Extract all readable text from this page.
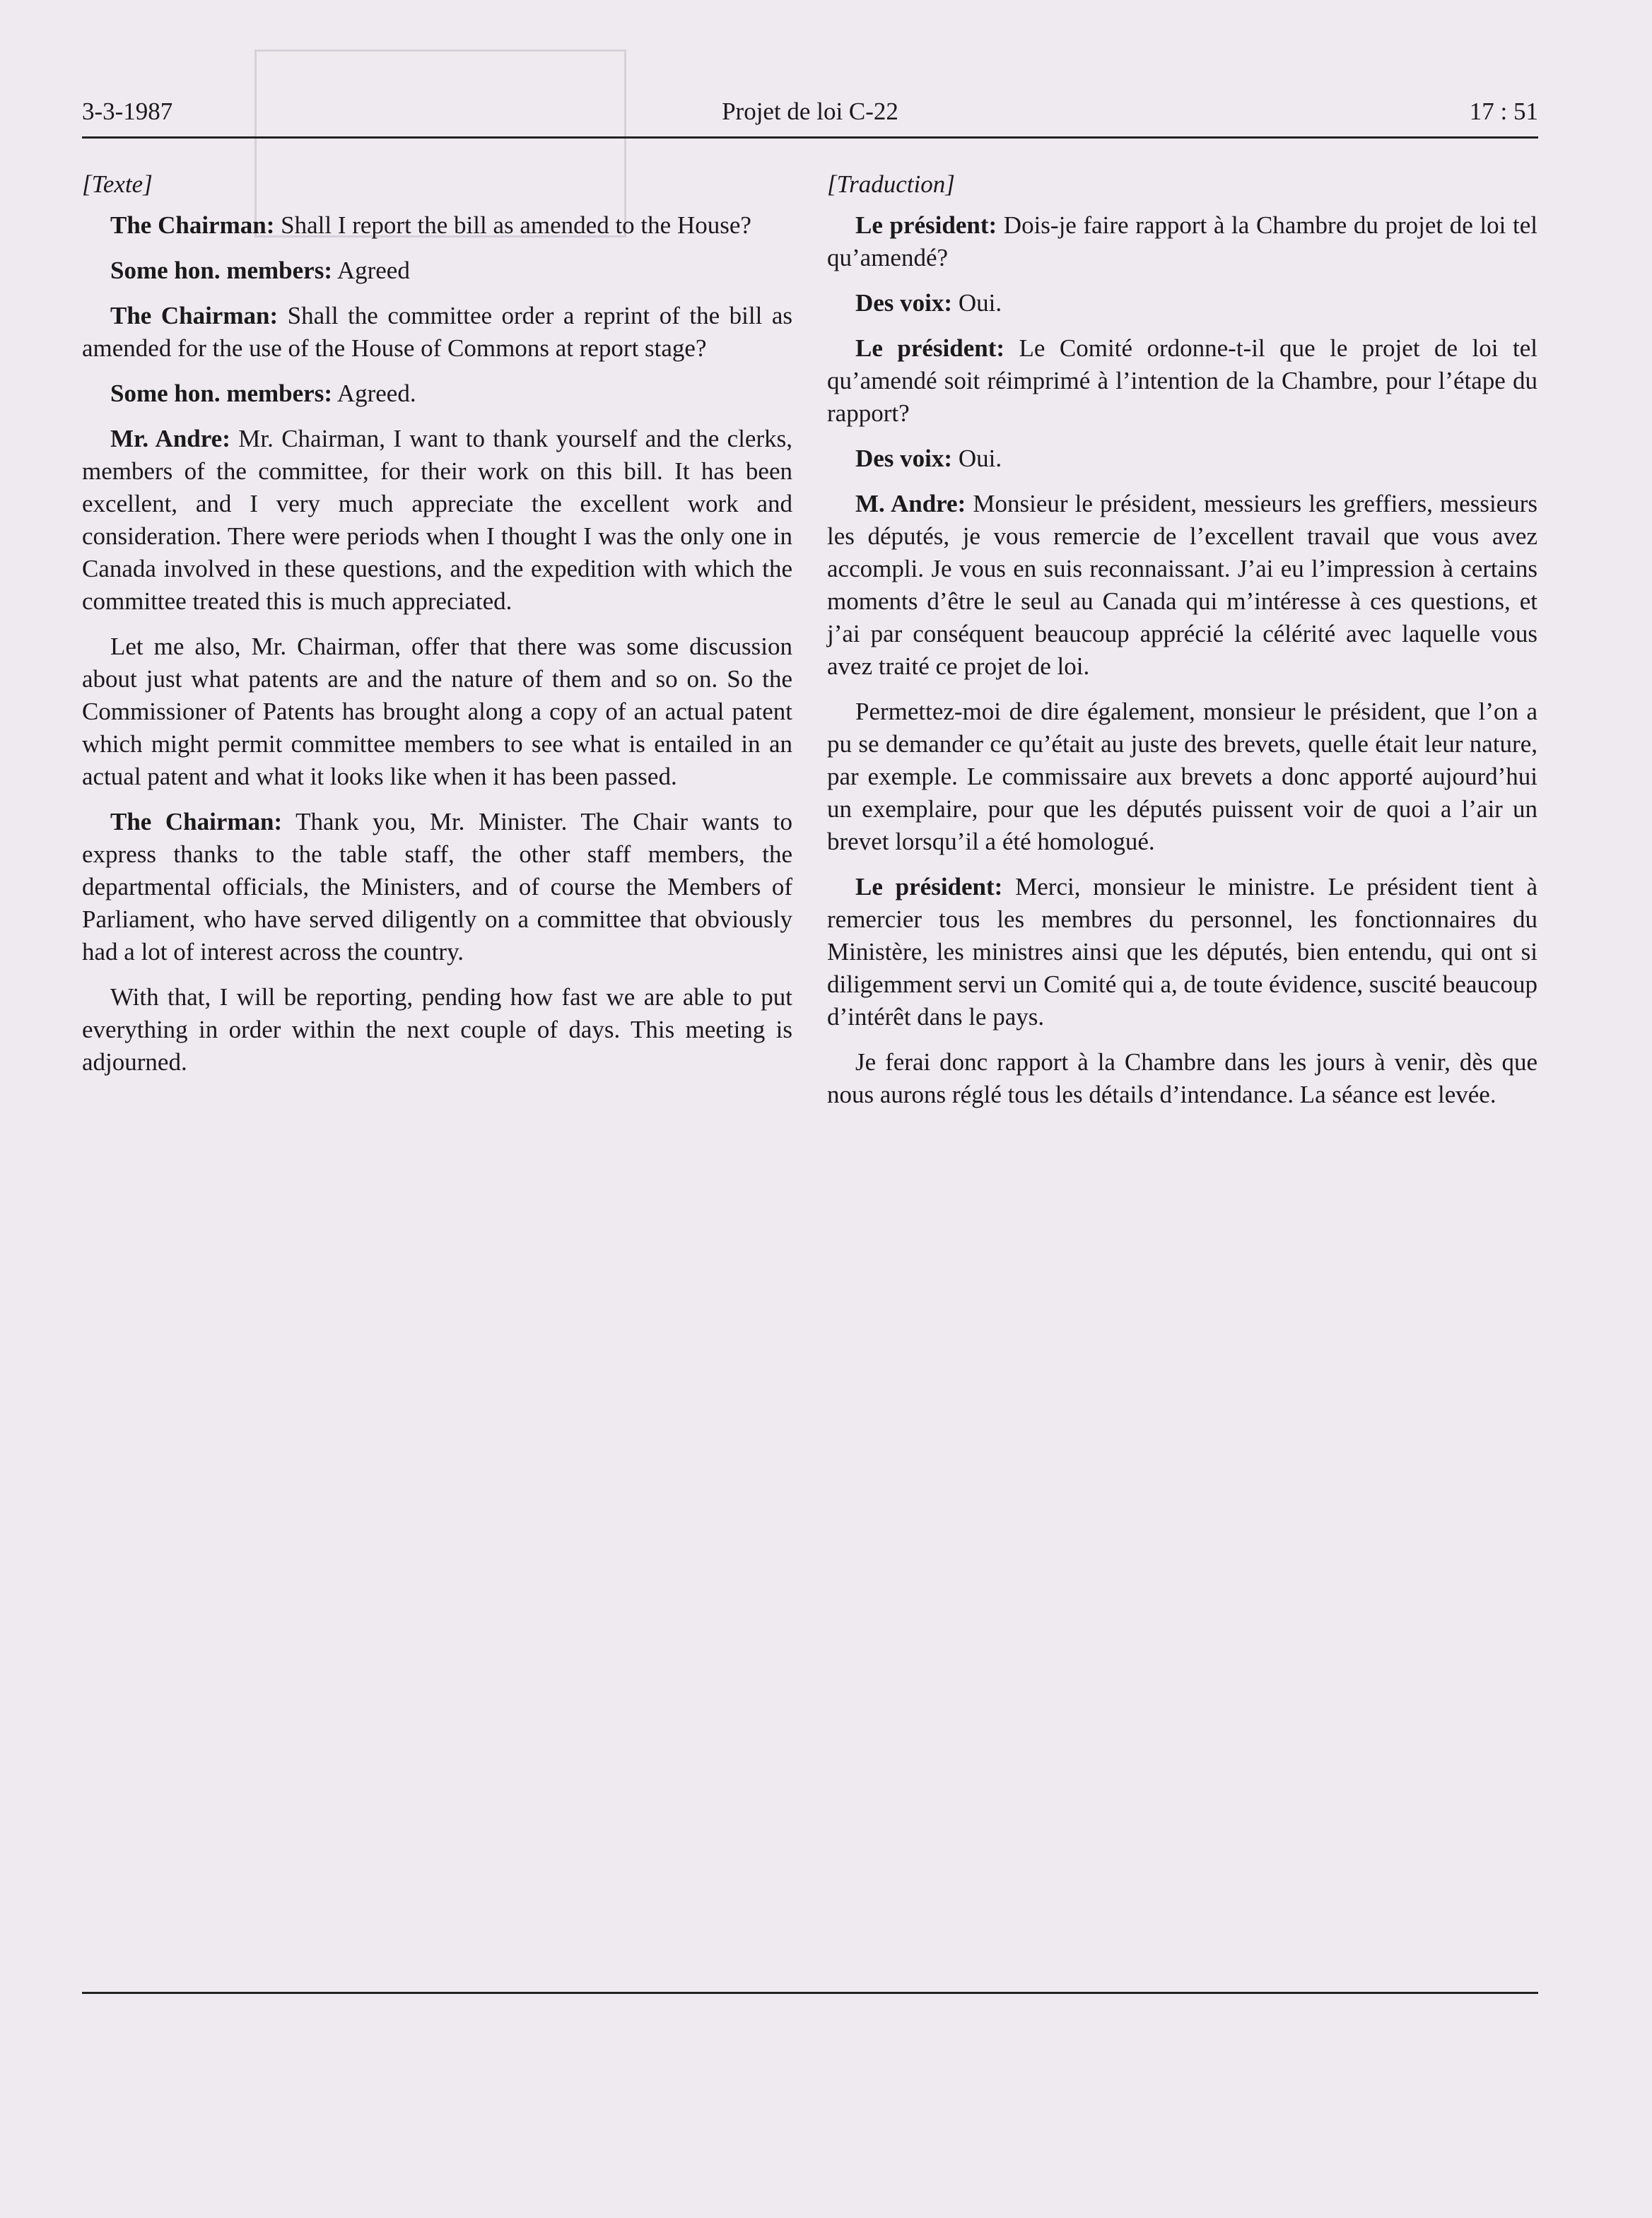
3-3-1987	Projet de loi C-22	17 : 51
[Texte]

The Chairman: Shall I report the bill as amended to the House?

Some hon. members: Agreed

The Chairman: Shall the committee order a reprint of the bill as amended for the use of the House of Commons at report stage?

Some hon. members: Agreed.

Mr. Andre: Mr. Chairman, I want to thank yourself and the clerks, members of the committee, for their work on this bill. It has been excellent, and I very much appreciate the excellent work and consideration. There were periods when I thought I was the only one in Canada involved in these questions, and the expedition with which the committee treated this is much appreciated.

Let me also, Mr. Chairman, offer that there was some discussion about just what patents are and the nature of them and so on. So the Commissioner of Patents has brought along a copy of an actual patent which might permit committee members to see what is entailed in an actual patent and what it looks like when it has been passed.

The Chairman: Thank you, Mr. Minister. The Chair wants to express thanks to the table staff, the other staff members, the departmental officials, the Ministers, and of course the Members of Parliament, who have served diligently on a committee that obviously had a lot of interest across the country.

With that, I will be reporting, pending how fast we are able to put everything in order within the next couple of days. This meeting is adjourned.

[Traduction]

Le président: Dois-je faire rapport à la Chambre du projet de loi tel qu’amendé?

Des voix: Oui.

Le président: Le Comité ordonne-t-il que le projet de loi tel qu’amendé soit réimprimé à l’intention de la Chambre, pour l’étape du rapport?

Des voix: Oui.

M. Andre: Monsieur le président, messieurs les greffiers, messieurs les députés, je vous remercie de l’excellent travail que vous avez accompli. Je vous en suis reconnaissant. J’ai eu l’impression à certains moments d’être le seul au Canada qui m’intéresse à ces questions, et j’ai par conséquent beaucoup apprécié la célérité avec laquelle vous avez traité ce projet de loi.

Permettez-moi de dire également, monsieur le président, que l’on a pu se demander ce qu’était au juste des brevets, quelle était leur nature, par exemple. Le commissaire aux brevets a donc apporté aujourd’hui un exemplaire, pour que les députés puissent voir de quoi a l’air un brevet lorsqu’il a été homologué.

Le président: Merci, monsieur le ministre. Le président tient à remercier tous les membres du personnel, les fonctionnaires du Ministère, les ministres ainsi que les députés, bien entendu, qui ont si diligemment servi un Comité qui a, de toute évidence, suscité beaucoup d’intérêt dans le pays.

Je ferai donc rapport à la Chambre dans les jours à venir, dès que nous aurons réglé tous les détails d’intendance. La séance est levée.
